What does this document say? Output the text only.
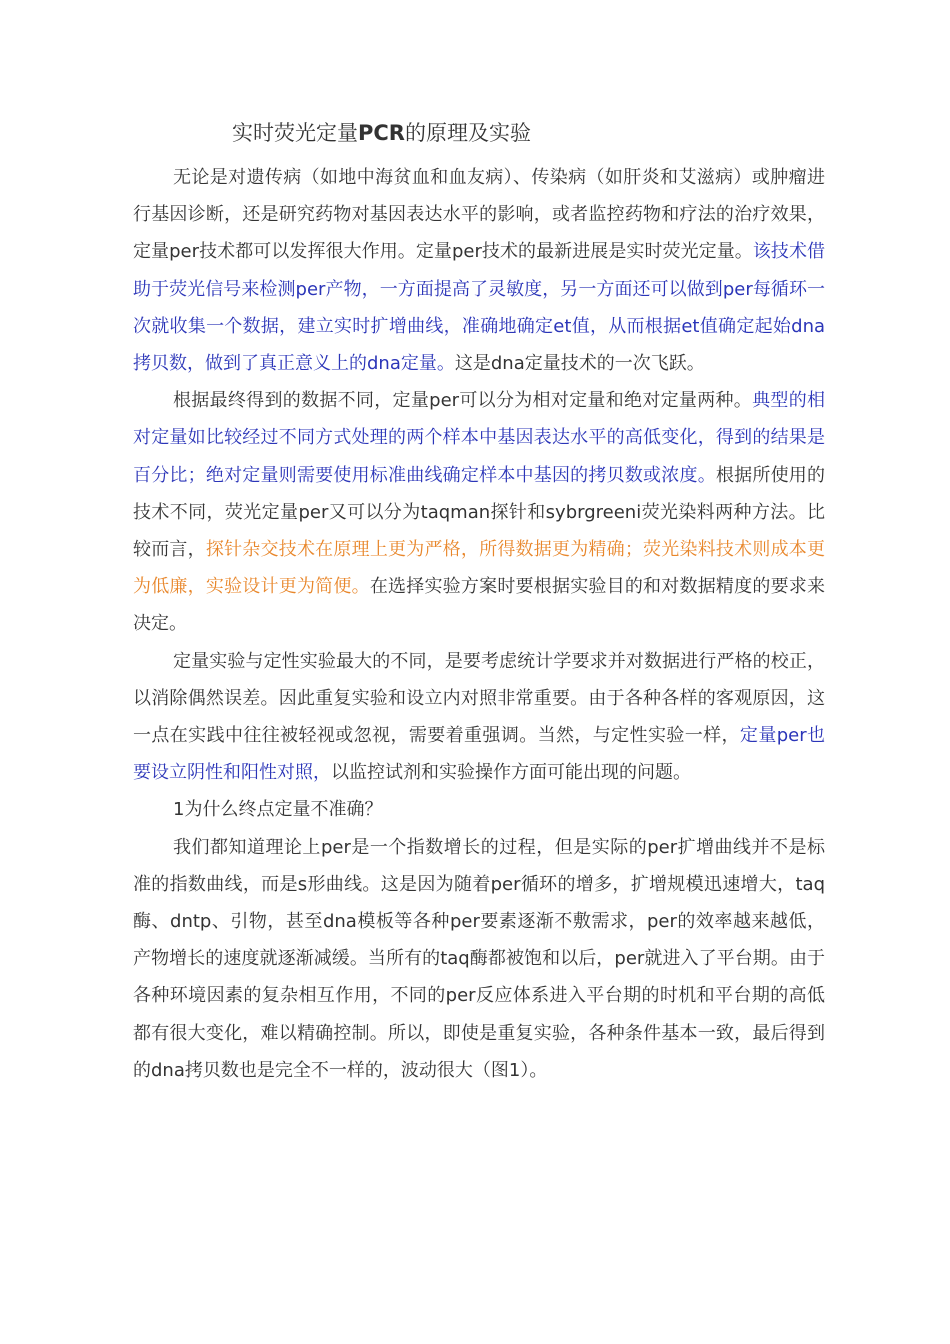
实时荧光定量PCR的原理及实验

无论是对遗传病（如地中海贫血和血友病）、传染病（如肝炎和艾滋病）或肿瘤进行基因诊断，还是研究药物对基因表达水平的影响，或者监控药物和疗法的治疗效果，定量per技术都可以发挥很大作用。定量per技术的最新进展是实时荧光定量。该技术借助于荧光信号来检测per产物，一方面提高了灵敏度，另一方面还可以做到per每循环一次就收集一个数据，建立实时扩增曲线，准确地确定et值，从而根据et值确定起始dna拷贝数，做到了真正意义上的dna定量。这是dna定量技术的一次飞跃。

根据最终得到的数据不同，定量per可以分为相对定量和绝对定量两种。典型的相对定量如比较经过不同方式处理的两个样本中基因表达水平的高低变化，得到的结果是百分比；绝对定量则需要使用标准曲线确定样本中基因的拷贝数或浓度。根据所使用的技术不同，荧光定量per又可以分为taqman探针和sybrgreeni荧光染料两种方法。比较而言，探针杂交技术在原理上更为严格，所得数据更为精确；荧光染料技术则成本更为低廉，实验设计更为简便。在选择实验方案时要根据实验目的和对数据精度的要求来决定。

定量实验与定性实验最大的不同，是要考虑统计学要求并对数据进行严格的校正，以消除偶然误差。因此重复实验和设立内对照非常重要。由于各种各样的客观原因，这一点在实践中往往被轻视或忽视，需要着重强调。当然，与定性实验一样，定量per也要设立阴性和阳性对照，以监控试剂和实验操作方面可能出现的问题。

1为什么终点定量不准确？

我们都知道理论上per是一个指数增长的过程，但是实际的per扩增曲线并不是标准的指数曲线，而是s形曲线。这是因为随着per循环的增多，扩增规模迅速增大，taq酶、dntp、引物，甚至dna模板等各种per要素逐渐不敷需求，per的效率越来越低，产物增长的速度就逐渐减缓。当所有的taq酶都被饱和以后，per就进入了平台期。由于各种环境因素的复杂相互作用，不同的per反应体系进入平台期的时机和平台期的高低都有很大变化，难以精确控制。所以，即使是重复实验，各种条件基本一致，最后得到的dna拷贝数也是完全不一样的，波动很大（图1）。
